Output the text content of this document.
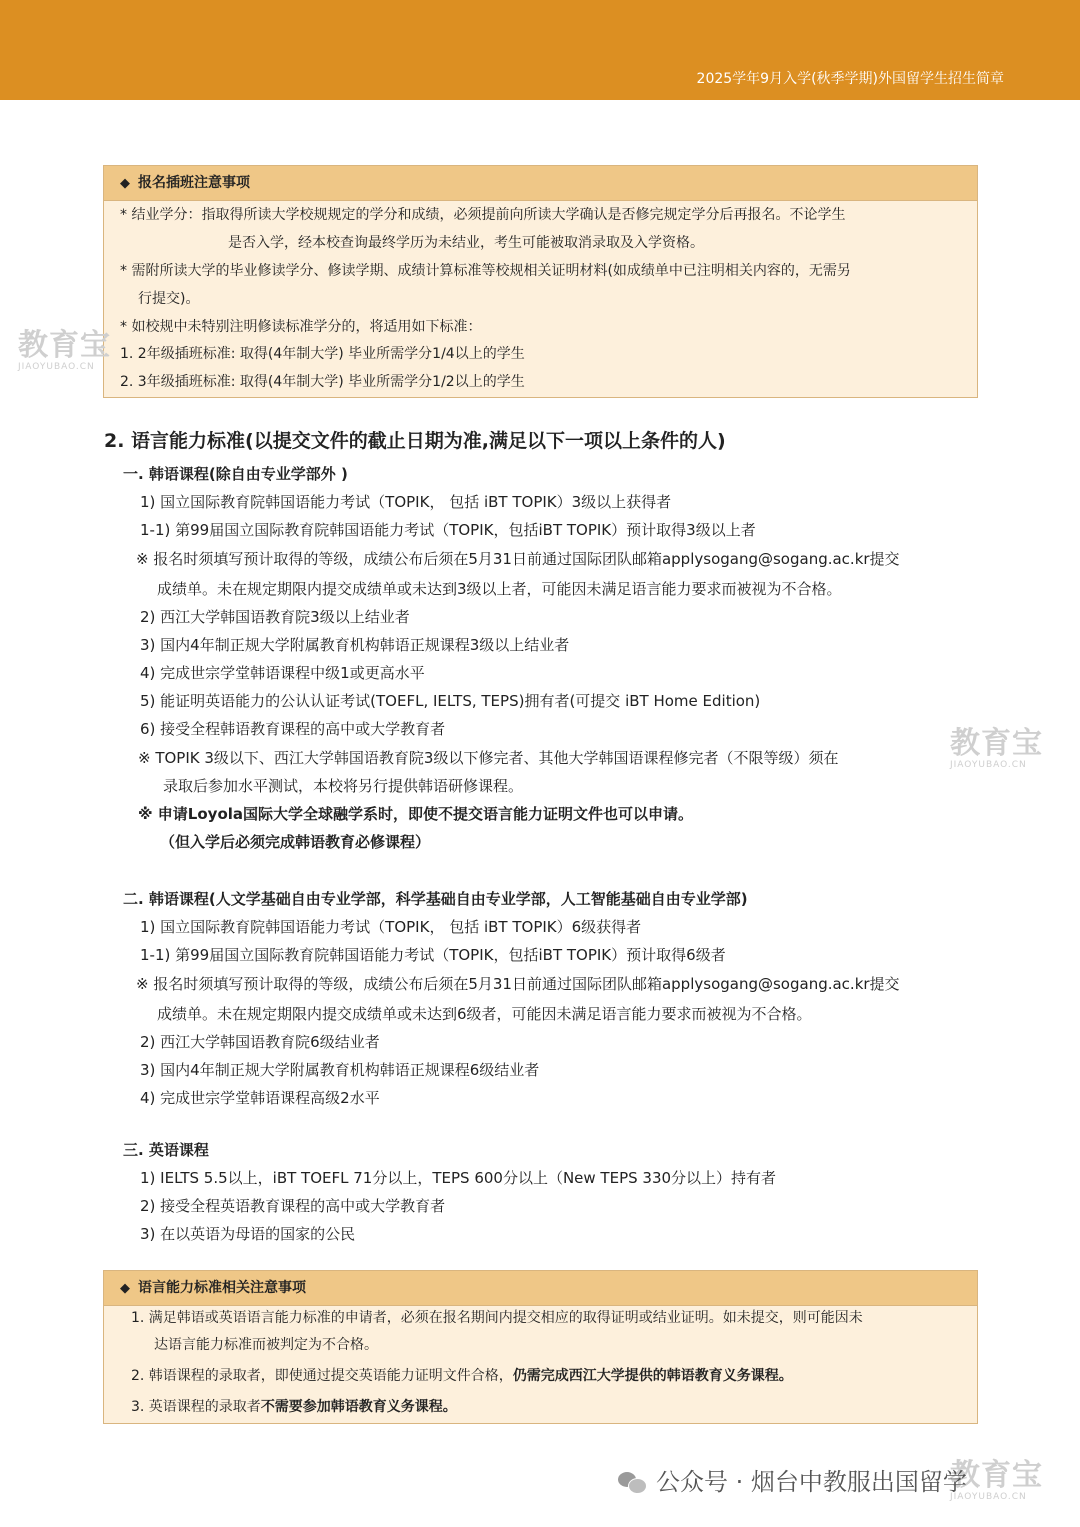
2025学年9月入学(秋季学期)外国留学生招生简章
◆ 报名插班注意事项
* 结业学分：指取得所读大学校规规定的学分和成绩，必须提前向所读大学确认是否修完规定学分后再报名。不论学生
是否入学，经本校查询最终学历为未结业，考生可能被取消录取及入学资格。
* 需附所读大学的毕业修读学分、修读学期、成绩计算标准等校规相关证明材料(如成绩单中已注明相关内容的，无需另
行提交)。
* 如校规中未特别注明修读标准学分的，将适用如下标准：
1. 2年级插班标准: 取得(4年制大学) 毕业所需学分1/4以上的学生
2. 3年级插班标准: 取得(4年制大学) 毕业所需学分1/2以上的学生
2. 语言能力标准(以提交文件的截止日期为准,满足以下一项以上条件的人)
一. 韩语课程(除自由专业学部外 )
1) 国立国际教育院韩国语能力考试（TOPIK， 包括 iBT TOPIK）3级以上获得者
1-1) 第99届国立国际教育院韩国语能力考试（TOPIK，包括iBT TOPIK）预计取得3级以上者
※ 报名时须填写预计取得的等级，成绩公布后须在5月31日前通过国际团队邮箱applysogang@sogang.ac.kr提交
成绩单。未在规定期限内提交成绩单或未达到3级以上者，可能因未满足语言能力要求而被视为不合格。
2) 西江大学韩国语教育院3级以上结业者
3) 国内4年制正规大学附属教育机构韩语正规课程3级以上结业者
4) 完成世宗学堂韩语课程中级1或更高水平
5) 能证明英语能力的公认认证考试(TOEFL, IELTS, TEPS)拥有者(可提交 iBT Home Edition)
6) 接受全程韩语教育课程的高中或大学教育者
※ TOPIK 3级以下、西江大学韩国语教育院3级以下修完者、其他大学韩国语课程修完者（不限等级）须在
录取后参加水平测试，本校将另行提供韩语研修课程。
※ 申请Loyola国际大学全球融学系时，即使不提交语言能力证明文件也可以申请。
（但入学后必须完成韩语教育必修课程）
二. 韩语课程(人文学基础自由专业学部，科学基础自由专业学部，人工智能基础自由专业学部)
1) 国立国际教育院韩国语能力考试（TOPIK， 包括 iBT TOPIK）6级获得者
1-1) 第99届国立国际教育院韩国语能力考试（TOPIK，包括iBT TOPIK）预计取得6级者
※ 报名时须填写预计取得的等级，成绩公布后须在5月31日前通过国际团队邮箱applysogang@sogang.ac.kr提交
成绩单。未在规定期限内提交成绩单或未达到6级者，可能因未满足语言能力要求而被视为不合格。
2) 西江大学韩国语教育院6级结业者
3) 国内4年制正规大学附属教育机构韩语正规课程6级结业者
4) 完成世宗学堂韩语课程高级2水平
三. 英语课程
1) IELTS 5.5以上，iBT TOEFL 71分以上，TEPS 600分以上（New TEPS 330分以上）持有者
2) 接受全程英语教育课程的高中或大学教育者
3) 在以英语为母语的国家的公民
◆ 语言能力标准相关注意事项
1. 满足韩语或英语语言能力标准的申请者，必须在报名期间内提交相应的取得证明或结业证明。如未提交，则可能因未
达语言能力标准而被判定为不合格。
2. 韩语课程的录取者，即使通过提交英语能力证明文件合格，仍需完成西江大学提供的韩语教育义务课程。
3. 英语课程的录取者不需要参加韩语教育义务课程。
教育宝
JIAOYUBAO.CN
教育宝
JIAOYUBAO.CN
教育宝
JIAOYUBAO.CN
公众号 · 烟台中教服出国留学
